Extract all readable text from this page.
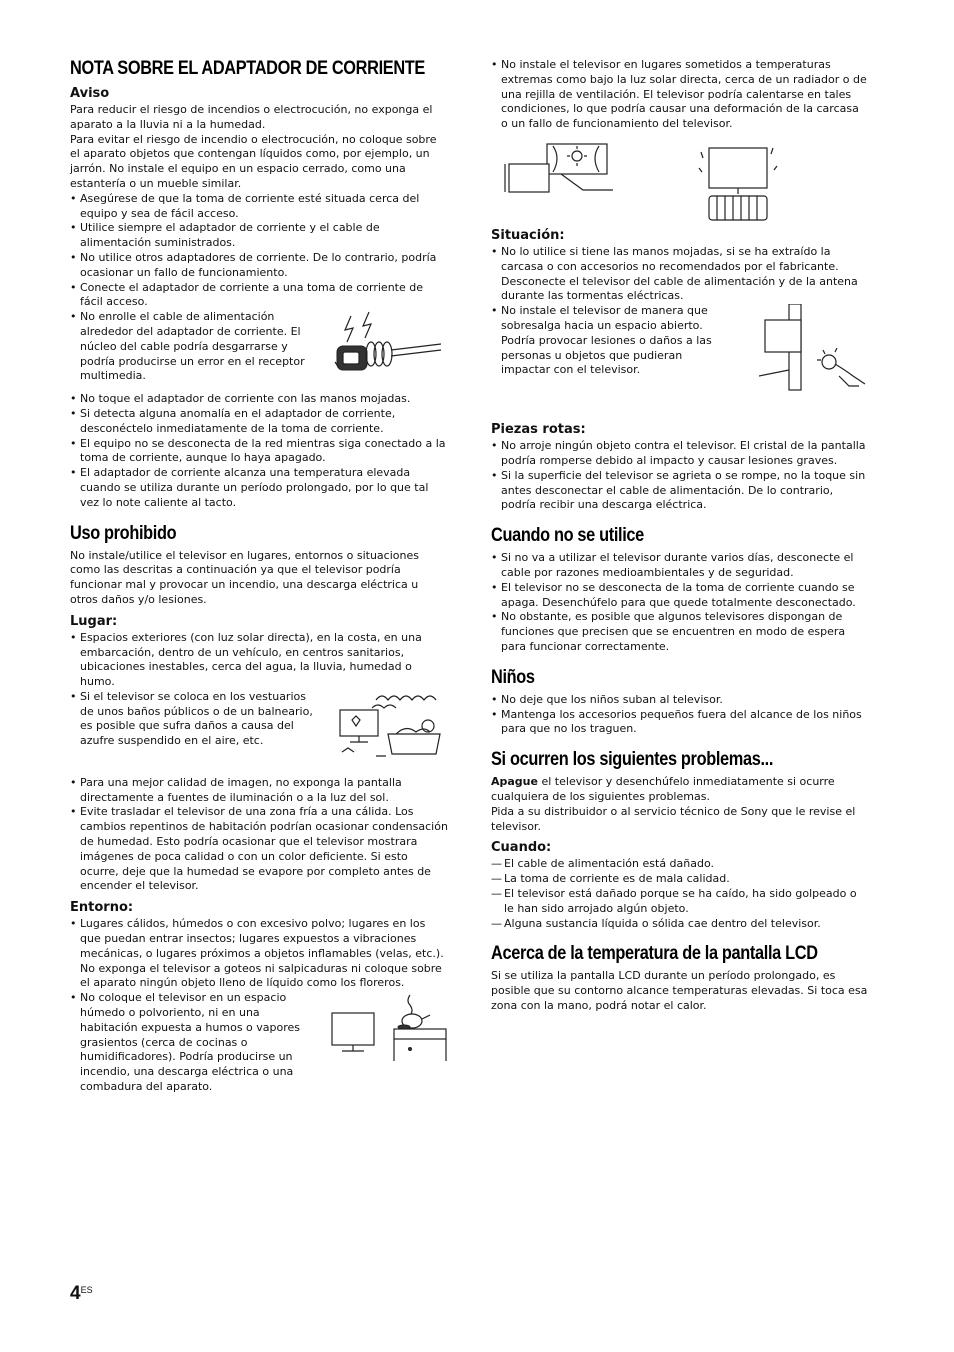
NOTA SOBRE EL ADAPTADOR DE CORRIENTE
Aviso

Para reducir el riesgo de incendios o electrocución, no exponga el aparato a la lluvia ni a la humedad.

Para evitar el riesgo de incendio o electrocución, no coloque sobre el aparato objetos que contengan líquidos como, por ejemplo, un jarrón. No instale el equipo en un espacio cerrado, como una estantería o un mueble similar.

• Asegúrese de que la toma de corriente esté situada cerca del equipo y sea de fácil acceso.
• Utilice siempre el adaptador de corriente y el cable de alimentación suministrados.
• No utilice otros adaptadores de corriente. De lo contrario, podría ocasionar un fallo de funcionamiento.
• Conecte el adaptador de corriente a una toma de corriente de fácil acceso.
• No enrolle el cable de alimentación alrededor del adaptador de corriente. El núcleo del cable podría desgarrarse y podría producirse un error en el receptor multimedia.
• No toque el adaptador de corriente con las manos mojadas.
• Si detecta alguna anomalía en el adaptador de corriente, desconéctelo inmediatamente de la toma de corriente.
• El equipo no se desconecta de la red mientras siga conectado a la toma de corriente, aunque lo haya apagado.
• El adaptador de corriente alcanza una temperatura elevada cuando se utiliza durante un período prolongado, por lo que tal vez lo note caliente al tacto.
Uso prohibido

No instale/utilice el televisor en lugares, entornos o situaciones como las descritas a continuación ya que el televisor podría funcionar mal y provocar un incendio, una descarga eléctrica u otros daños y/o lesiones.

Lugar:
• Espacios exteriores (con luz solar directa), en la costa, en una embarcación, dentro de un vehículo, en centros sanitarios, ubicaciones inestables, cerca del agua, la lluvia, humedad o humo.
• Si el televisor se coloca en los vestuarios de unos baños públicos o de un balneario, es posible que sufra daños a causa del azufre suspendido en el aire, etc.
• Para una mejor calidad de imagen, no exponga la pantalla directamente a fuentes de iluminación o a la luz del sol.
• Evite trasladar el televisor de una zona fría a una cálida. Los cambios repentinos de habitación podrían ocasionar condensación de humedad. Esto podría ocasionar que el televisor mostrara imágenes de poca calidad o con un color deficiente. Si esto ocurre, deje que la humedad se evapore por completo antes de encender el televisor.
Entorno:
• Lugares cálidos, húmedos o con excesivo polvo; lugares en los que puedan entrar insectos; lugares expuestos a vibraciones mecánicas, o lugares próximos a objetos inflamables (velas, etc.). No exponga el televisor a goteos ni salpicaduras ni coloque sobre el aparato ningún objeto lleno de líquido como los floreros.
• No coloque el televisor en un espacio húmedo o polvoriento, ni en una habitación expuesta a humos o vapores grasientos (cerca de cocinas o humidificadores). Podría producirse un incendio, una descarga eléctrica o una combadura del aparato.
• No instale el televisor en lugares sometidos a temperaturas extremas como bajo la luz solar directa, cerca de un radiador o de una rejilla de ventilación. El televisor podría calentarse en tales condiciones, lo que podría causar una deformación de la carcasa o un fallo de funcionamiento del televisor.
Situación:
• No lo utilice si tiene las manos mojadas, si se ha extraído la carcasa o con accesorios no recomendados por el fabricante. Desconecte el televisor del cable de alimentación y de la antena durante las tormentas eléctricas.
• No instale el televisor de manera que sobresalga hacia un espacio abierto. Podría provocar lesiones o daños a las personas u objetos que pudieran impactar con el televisor.
Piezas rotas:
• No arroje ningún objeto contra el televisor. El cristal de la pantalla podría romperse debido al impacto y causar lesiones graves.
• Si la superficie del televisor se agrieta o se rompe, no la toque sin antes desconectar el cable de alimentación. De lo contrario, podría recibir una descarga eléctrica.
Cuando no se utilice
• Si no va a utilizar el televisor durante varios días, desconecte el cable por razones medioambientales y de seguridad.
• El televisor no se desconecta de la toma de corriente cuando se apaga. Desenchúfelo para que quede totalmente desconectado.
• No obstante, es posible que algunos televisores dispongan de funciones que precisen que se encuentren en modo de espera para funcionar correctamente.
Niños
• No deje que los niños suban al televisor.
• Mantenga los accesorios pequeños fuera del alcance de los niños para que no los traguen.
Si ocurren los siguientes problemas...

Apague el televisor y desenchúfelo inmediatamente si ocurre cualquiera de los siguientes problemas.

Pida a su distribuidor o al servicio técnico de Sony que le revise el televisor.

Cuando:
— El cable de alimentación está dañado.
— La toma de corriente es de mala calidad.
— El televisor está dañado porque se ha caído, ha sido golpeado o le han sido arrojado algún objeto.
— Alguna sustancia líquida o sólida cae dentro del televisor.
Acerca de la temperatura de la pantalla LCD

Si se utiliza la pantalla LCD durante un período prolongado, es posible que su contorno alcance temperaturas elevadas. Si toca esa zona con la mano, podrá notar el calor.

$4^{ES}$
